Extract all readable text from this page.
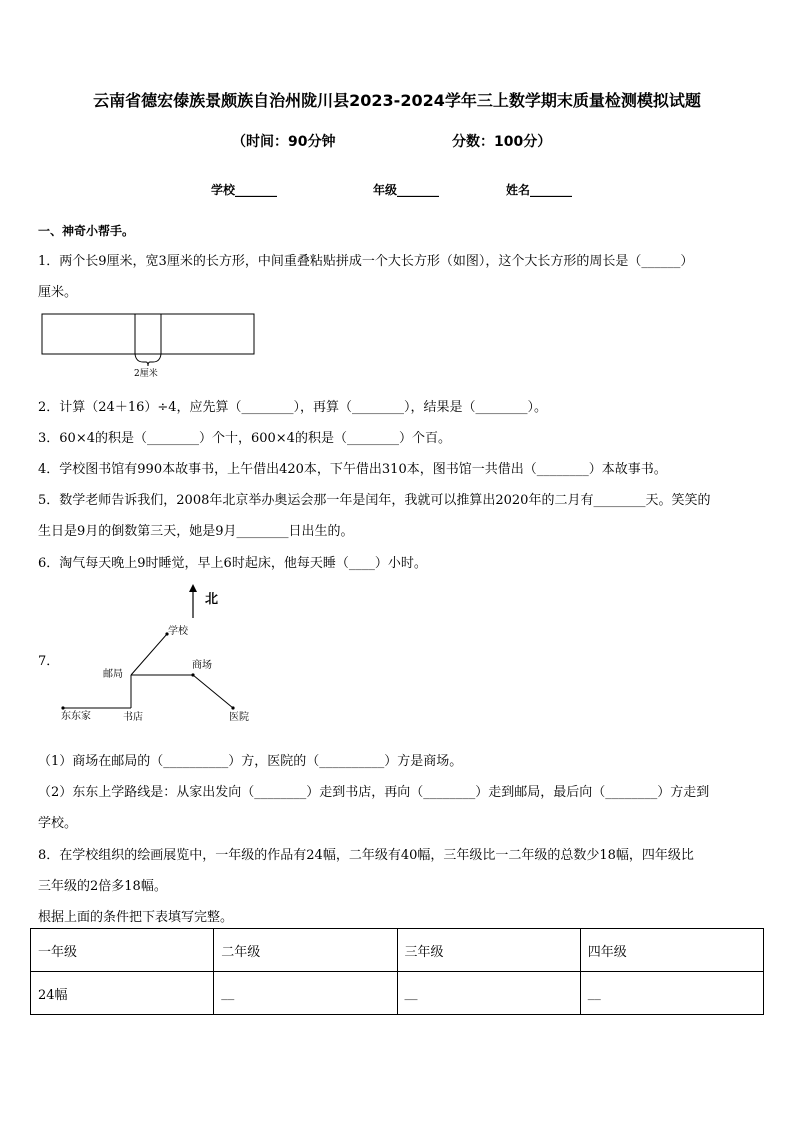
云南省德宏傣族景颇族自治州陇川县2023-2024学年三上数学期末质量检测模拟试题
（时间：90分钟	分数：100分）
学校_______	年级_______	姓名_______
一、神奇小帮手。
1．两个长9厘米，宽3厘米的长方形，中间重叠粘贴拼成一个大长方形（如图），这个大长方形的周长是（______）
厘米。
2厘米
2．计算（24＋16）÷4，应先算（________），再算（________），结果是（________）。
3．60×4的积是（________）个十，600×4的积是（________）个百。
4．学校图书馆有990本故事书，上午借出420本，下午借出310本，图书馆一共借出（________）本故事书。
5．数学老师告诉我们，2008年北京举办奥运会那一年是闰年，我就可以推算出2020年的二月有________天。笑笑的
生日是9月的倒数第三天，她是9月________日出生的。
6．淘气每天晚上9时睡觉，早上6时起床，他每天睡（____）小时。
7．
北
学校
邮局
商场
东东家	书店	医院
（1）商场在邮局的（__________）方，医院的（__________）方是商场。
（2）东东上学路线是：从家出发向（________）走到书店，再向（________）走到邮局，最后向（________）方走到
学校。
8．在学校组织的绘画展览中，一年级的作品有24幅，二年级有40幅，三年级比一二年级的总数少18幅，四年级比
三年级的2倍多18幅。
根据上面的条件把下表填写完整。
一年级	二年级	三年级	四年级
24幅	__	__	__
